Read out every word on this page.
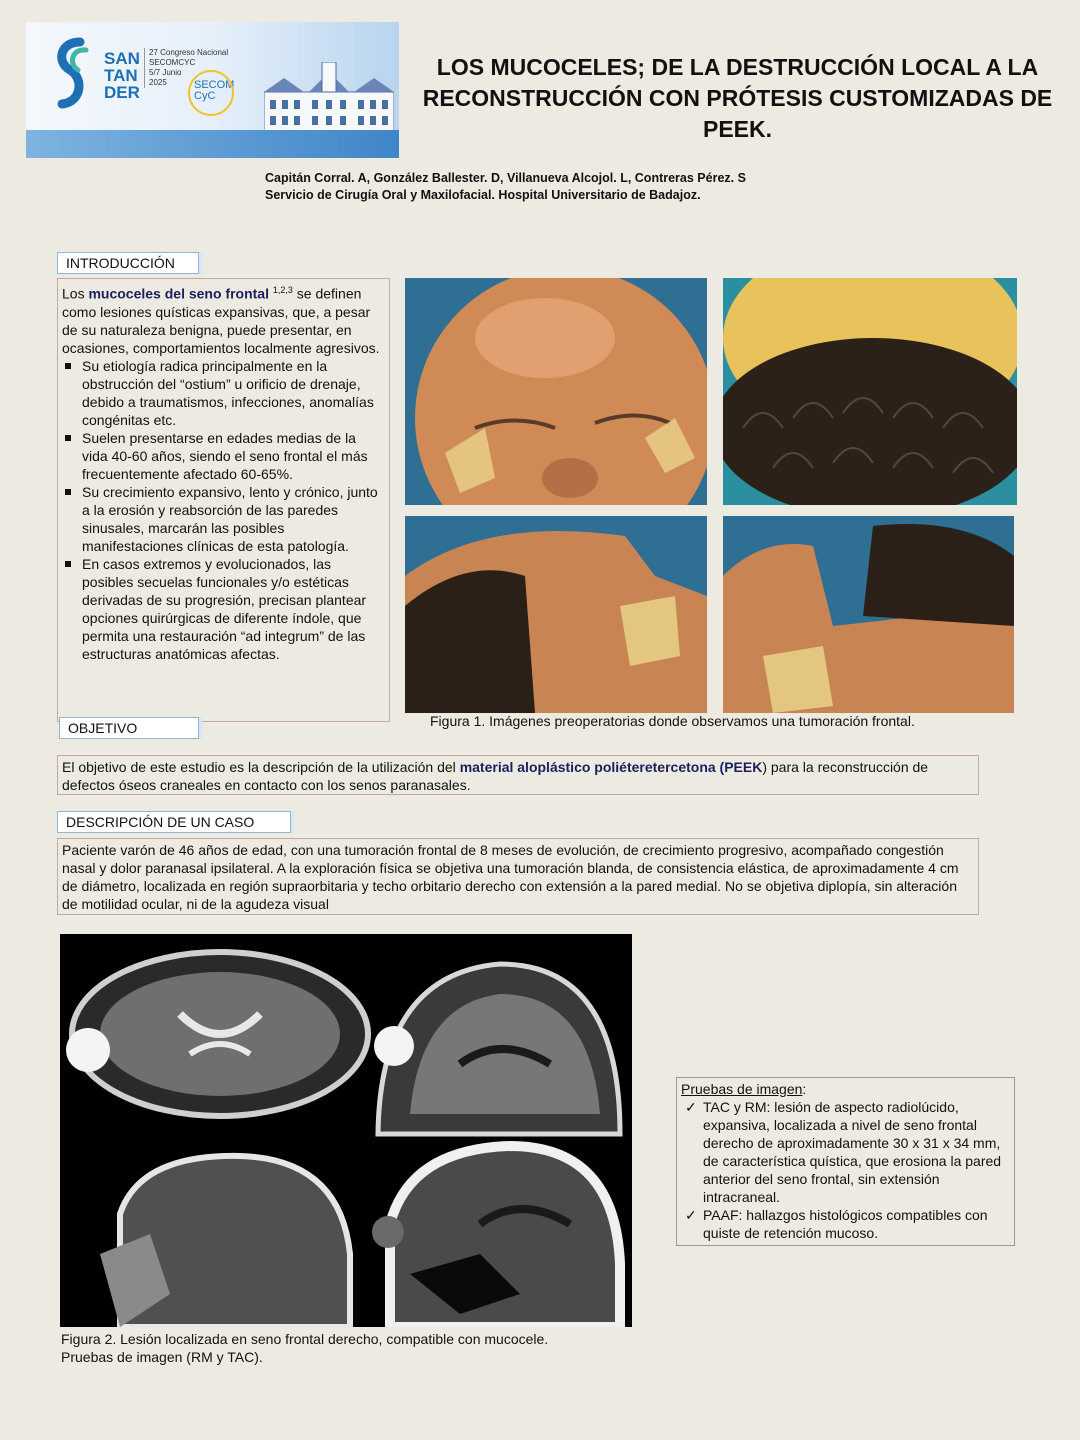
SAN
TAN
DER
27 Congreso Nacional
SECOMCYC
5/7 Junio
2025	SECOM
CyC
LOS MUCOCELES; DE LA DESTRUCCIÓN LOCAL A LA RECONSTRUCCIÓN CON PRÓTESIS CUSTOMIZADAS DE PEEK.
Capitán Corral. A, González Ballester. D, Villanueva Alcojol. L, Contreras Pérez. S
Servicio de Cirugía Oral y Maxilofacial. Hospital Universitario de Badajoz.
INTRODUCCIÓN

Los mucoceles del seno frontal $^{1,2,3}$ se definen como lesiones quísticas expansivas, que, a pesar de su naturaleza benigna, puede presentar, en ocasiones, comportamientos localmente agresivos.

Su etiología radica principalmente en la obstrucción del “ostium” u orificio de drenaje, debido a traumatismos, infecciones, anomalías congénitas etc.
Suelen presentarse en edades medias de la vida 40-60 años, siendo el seno frontal el más frecuentemente afectado 60-65%.
Su crecimiento expansivo, lento y crónico, junto a la erosión y reabsorción de las paredes sinusales, marcarán las posibles manifestaciones clínicas de esta patología.
En casos extremos y evolucionados, las posibles secuelas funcionales y/o estéticas derivadas de su progresión, precisan plantear opciones quirúrgicas de diferente índole, que permita una restauración “ad integrum” de las estructuras anatómicas afectas.
Figura 1. Imágenes preoperatorias donde observamos una tumoración frontal.
OBJETIVO
El objetivo de este estudio es la descripción de la utilización del material aloplástico poliéteretercetona (PEEK) para la reconstrucción de defectos óseos craneales en contacto con los senos paranasales.
DESCRIPCIÓN DE UN CASO
Paciente varón de 46 años de edad, con una tumoración frontal de 8 meses de evolución, de crecimiento progresivo, acompañado congestión nasal y dolor paranasal ipsilateral. A la exploración física se objetiva una tumoración blanda, de consistencia elástica, de aproximadamente 4 cm de diámetro, localizada en región supraorbitaria y techo orbitario derecho con extensión a la pared medial. No se objetiva diplopía, sin alteración de motilidad ocular, ni de la agudeza visual
Figura 2. Lesión localizada en seno frontal derecho, compatible con mucocele.
Pruebas de imagen (RM y TAC).
Pruebas de imagen:
✓ TAC y RM: lesión de aspecto radiolúcido, expansiva, localizada a nivel de seno frontal derecho de aproximadamente 30 x 31 x 34 mm, de característica quística, que erosiona la pared anterior del seno frontal, sin extensión intracraneal.
✓ PAAF: hallazgos histológicos compatibles con quiste de retención mucoso.
